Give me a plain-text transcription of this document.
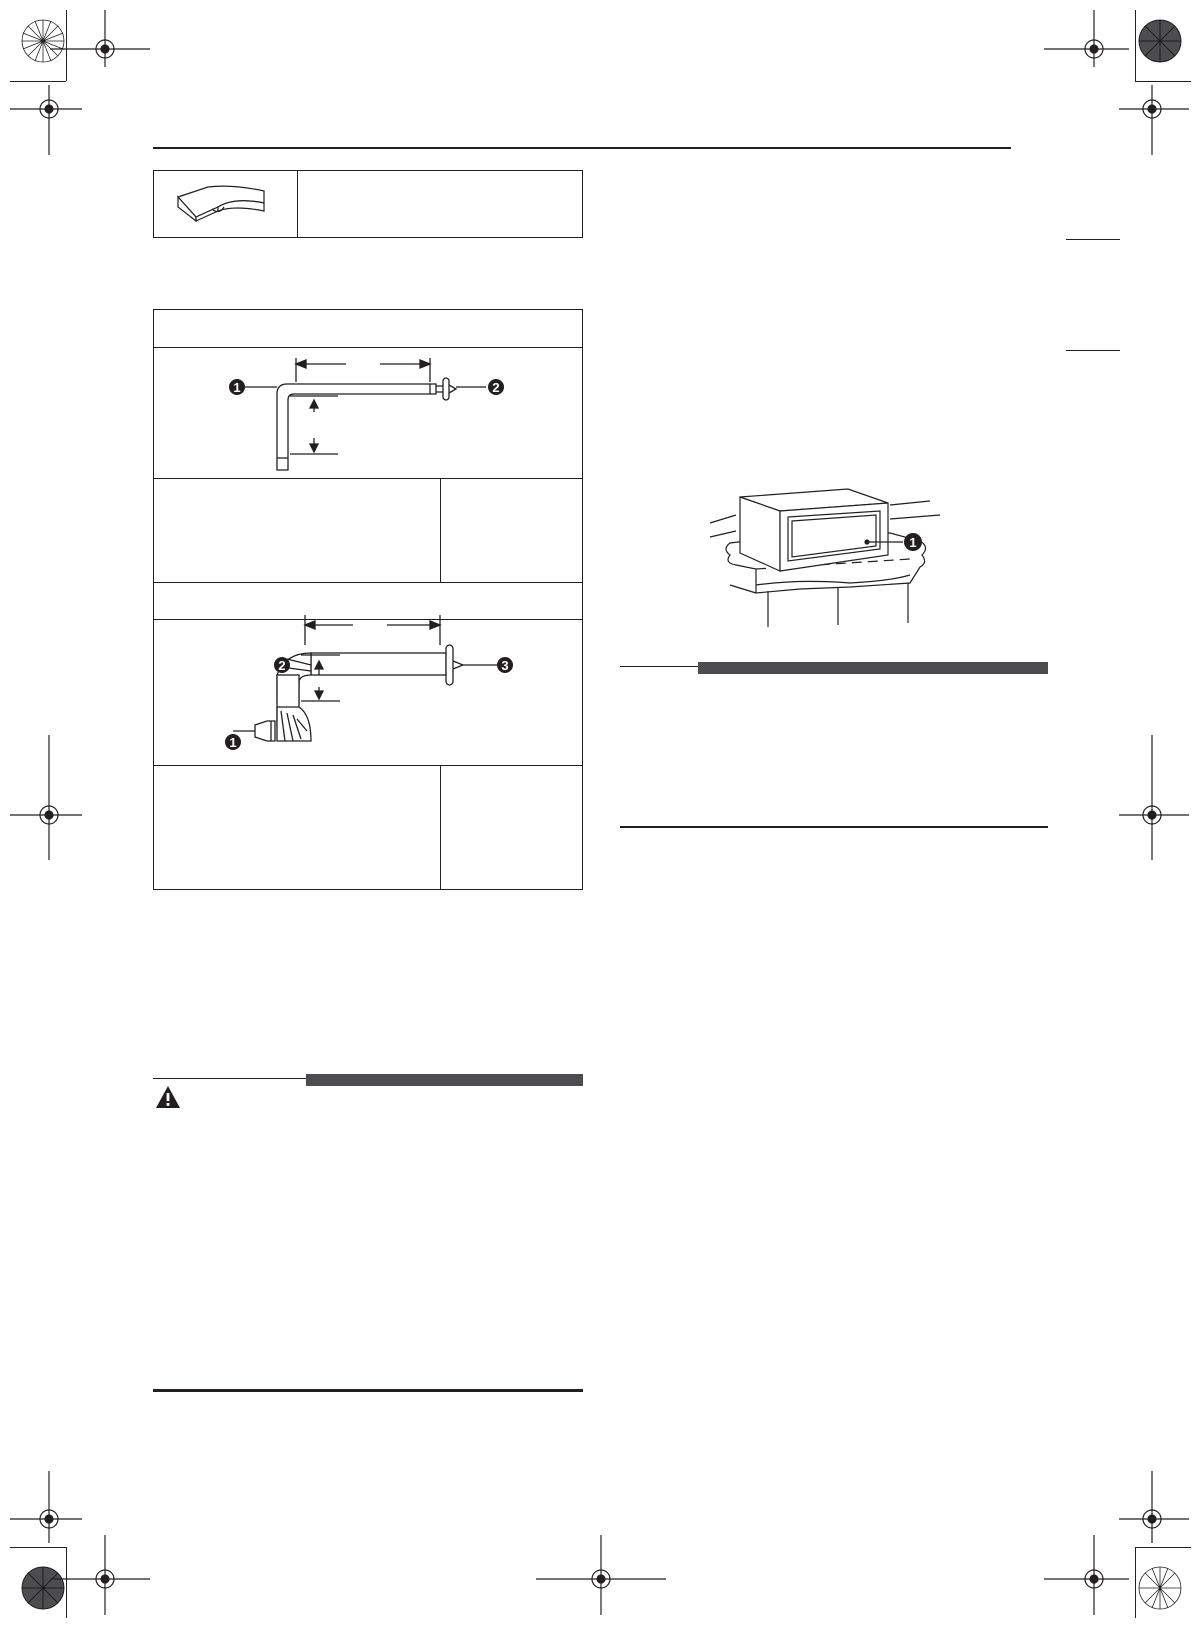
1	2
1
2	3
1
